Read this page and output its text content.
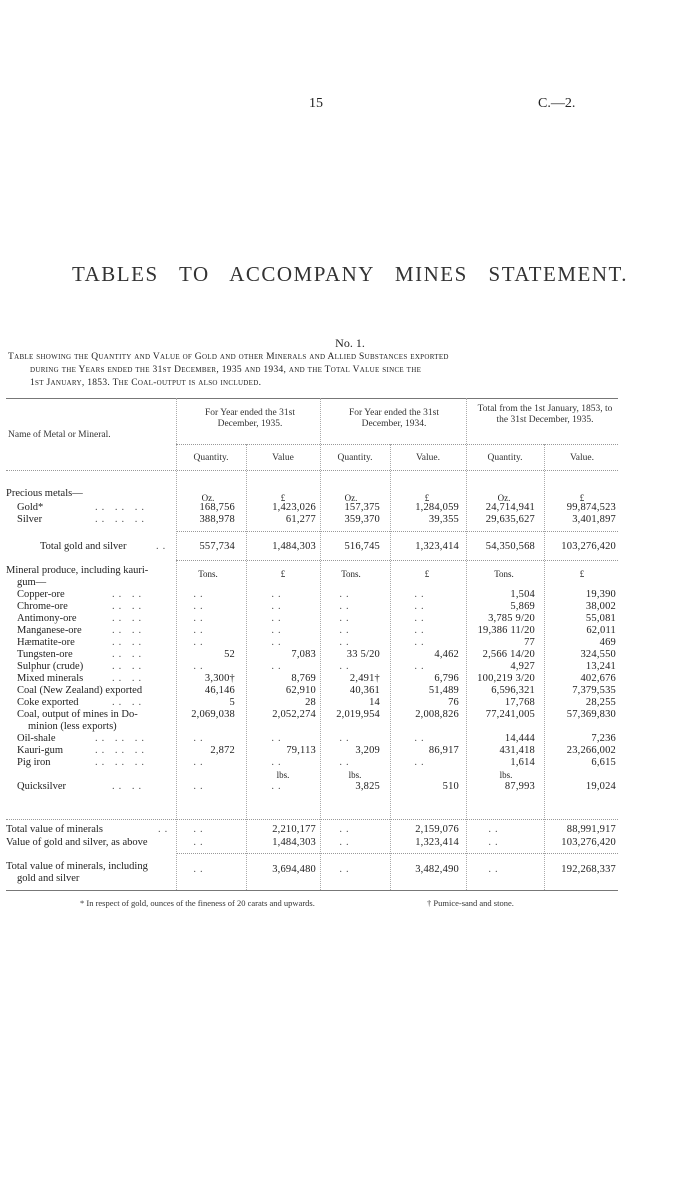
15	C.—2.
TABLES TO ACCOMPANY MINES STATEMENT.
No. 1.
Table showing the Quantity and Value of Gold and other Minerals and Allied Substances exported
during the Years ended the 31st December, 1935 and 1934, and the Total Value since the
1st January, 1853. The Coal-output is also included.
Name of Metal or Mineral.
For Year ended the 31st December, 1935.
For Year ended the 31st December, 1934.
Total from the 1st January, 1853, to the 31st December, 1935.
Quantity.	Value	Quantity.	Value.	Quantity.	Value.
Oz.	£	Oz.	£	Oz.	£
Precious metals—
Gold*	.. .. ..	168,756	1,423,026	157,375	1,284,059	24,714,941	99,874,523
Silver	.. .. ..	388,978	61,277	359,370	39,355	29,635,627	3,401,897
Total gold and silver	..	557,734	1,484,303	516,745	1,323,414	54,350,568	103,276,420
Mineral produce, including kauri-
gum—
Tons.	£	Tons.	£	Tons.	£
Copper-ore	.. ..	..	..	..	..	1,504	19,390
Chrome-ore	.. ..	..	..	..	..	5,869	38,002
Antimony-ore	.. ..	..	..	..	..	3,785 9/20	55,081
Manganese-ore	.. ..	..	..	..	..	19,386 11/20	62,011
Hæmatite-ore	.. ..	..	..	..	..	77	469
Tungsten-ore	.. ..	52	7,083	33 5/20	4,462	2,566 14/20	324,550
Sulphur (crude)	.. ..	..	..	..	..	4,927	13,241
Mixed minerals	.. ..	3,300†	8,769	2,491†	6,796	100,219 3/20	402,676
Coal (New Zealand) exported	46,146	62,910	40,361	51,489	6,596,321	7,379,535
Coke exported	.. ..	5	28	14	76	17,768	28,255
Coal, output of mines in Do-
minion (less exports)
2,069,038	2,052,274	2,019,954	2,008,826	77,241,005	57,369,830
Oil-shale	.. .. ..	..	..	..	..	14,444	7,236
Kauri-gum	.. .. ..	2,872	79,113	3,209	86,917	431,418	23,266,002
Pig iron	.. .. ..	..	..	..	..	1,614	6,615
lbs.	lbs.	lbs.
Quicksilver	.. ..	..	..	3,825	510	87,993	19,024
Total value of minerals	..	..	2,210,177	..	2,159,076	..	88,991,917
Value of gold and silver, as above	..	1,484,303	..	1,323,414	..	103,276,420
Total value of minerals, including
gold and silver
..	3,694,480	..	3,482,490	..	192,268,337
* In respect of gold, ounces of the fineness of 20 carats and upwards.	† Pumice-sand and stone.
